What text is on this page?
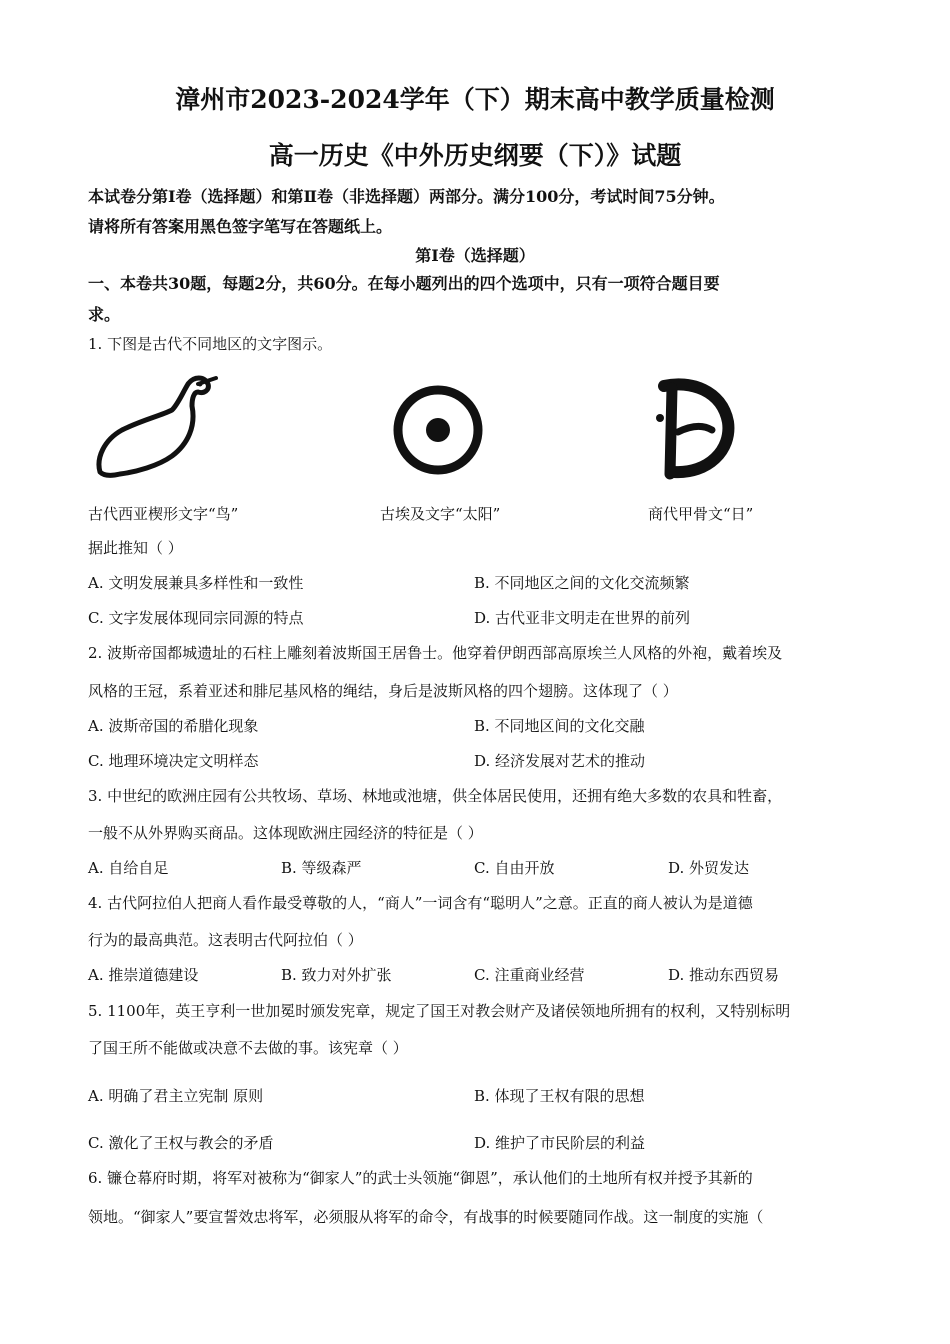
漳州市2023-2024学年（下）期末高中教学质量检测
高一历史《中外历史纲要（下）》试题
本试卷分第Ⅰ卷（选择题）和第Ⅱ卷（非选择题）两部分。满分100分，考试时间75分钟。
请将所有答案用黑色签字笔写在答题纸上。
第Ⅰ卷（选择题）
一、本卷共30题，每题2分，共60分。在每小题列出的四个选项中，只有一项符合题目要
求。
1. 下图是古代不同地区的文字图示。
古代西亚楔形文字“鸟”	古埃及文字“太阳”	商代甲骨文“日”
据此推知（ ）
A. 文明发展兼具多样性和一致性	B. 不同地区之间的文化交流频繁
C. 文字发展体现同宗同源的特点	D. 古代亚非文明走在世界的前列
2. 波斯帝国都城遗址的石柱上雕刻着波斯国王居鲁士。他穿着伊朗西部高原埃兰人风格的外袍，戴着埃及
风格的王冠，系着亚述和腓尼基风格的绳结，身后是波斯风格的四个翅膀。这体现了（ ）
A. 波斯帝国的希腊化现象	B. 不同地区间的文化交融
C. 地理环境决定文明样态	D. 经济发展对艺术的推动
3. 中世纪的欧洲庄园有公共牧场、草场、林地或池塘，供全体居民使用，还拥有绝大多数的农具和牲畜，
一般不从外界购买商品。这体现欧洲庄园经济的特征是（ ）
A. 自给自足	B. 等级森严	C. 自由开放	D. 外贸发达
4. 古代阿拉伯人把商人看作最受尊敬的人，“商人”一词含有“聪明人”之意。正直的商人被认为是道德
行为的最高典范。这表明古代阿拉伯（ ）
A. 推崇道德建设	B. 致力对外扩张	C. 注重商业经营	D. 推动东西贸易
5. 1100年，英王亨利一世加冕时颁发宪章，规定了国王对教会财产及诸侯领地所拥有的权利，又特别标明
了国王所不能做或决意不去做的事。该宪章（ ）
A. 明确了君主立宪制 原则	B. 体现了王权有限的思想
C. 激化了王权与教会的矛盾	D. 维护了市民阶层的利益
6. 镰仓幕府时期，将军对被称为“御家人”的武士头领施“御恩”，承认他们的土地所有权并授予其新的
领地。“御家人”要宣誓效忠将军，必须服从将军的命令，有战事的时候要随同作战。这一制度的实施（
